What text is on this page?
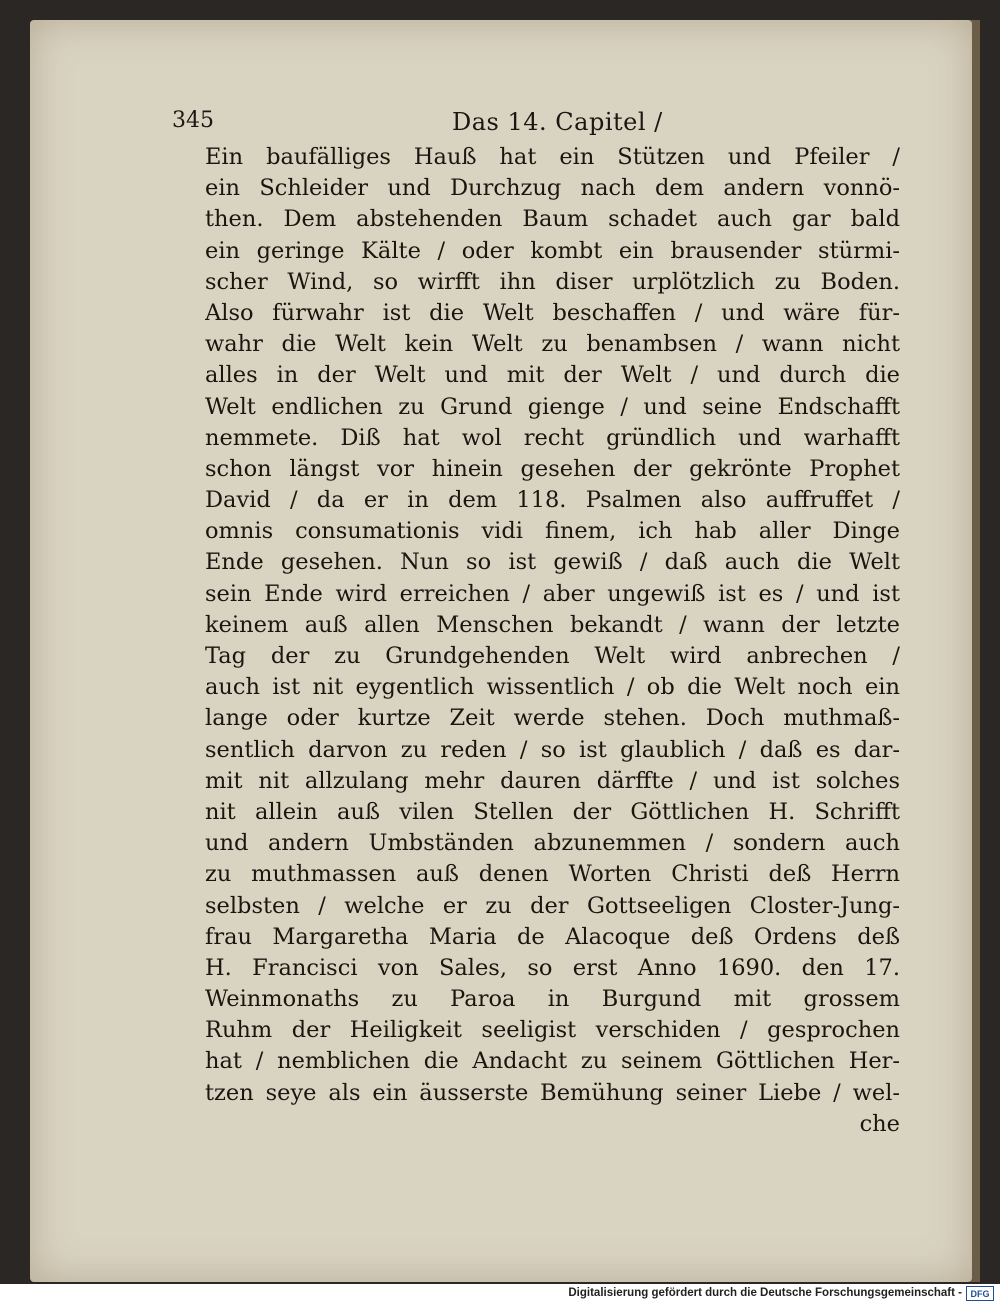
345	Das 14. Capitel /
Ein baufälliges Hauß hat ein Stützen und Pfeiler /
ein Schleider und Durchzug nach dem andern vonnö-
then. Dem abstehenden Baum schadet auch gar bald
ein geringe Kälte / oder kombt ein brausender stürmi-
scher Wind, so wirfft ihn diser urplötzlich zu Boden.
Also fürwahr ist die Welt beschaffen / und wäre für-
wahr die Welt kein Welt zu benambsen / wann nicht
alles in der Welt und mit der Welt / und durch die
Welt endlichen zu Grund gienge / und seine Endschafft
nemmete. Diß hat wol recht gründlich und warhafft
schon längst vor hinein gesehen der gekrönte Prophet
David / da er in dem 118. Psalmen also auffruffet /
omnis consumationis vidi finem, ich hab aller Dinge
Ende gesehen. Nun so ist gewiß / daß auch die Welt
sein Ende wird erreichen / aber ungewiß ist es / und ist
keinem auß allen Menschen bekandt / wann der letzte
Tag der zu Grundgehenden Welt wird anbrechen /
auch ist nit eygentlich wissentlich / ob die Welt noch ein
lange oder kurtze Zeit werde stehen. Doch muthmaß-
sentlich darvon zu reden / so ist glaublich / daß es dar-
mit nit allzulang mehr dauren därffte / und ist solches
nit allein auß vilen Stellen der Göttlichen H. Schrifft
und andern Umbständen abzunemmen / sondern auch
zu muthmassen auß denen Worten Christi deß Herrn
selbsten / welche er zu der Gottseeligen Closter-Jung-
frau Margaretha Maria de Alacoque deß Ordens deß
H. Francisci von Sales, so erst Anno 1690. den 17.
Weinmonaths zu Paroa in Burgund mit grossem
Ruhm der Heiligkeit seeligist verschiden / gesprochen
hat / nemblichen die Andacht zu seinem Göttlichen Her-
tzen seye als ein äusserste Bemühung seiner Liebe / wel-
che
Digitalisierung gefördert durch die Deutsche Forschungsgemeinschaft - DFG
